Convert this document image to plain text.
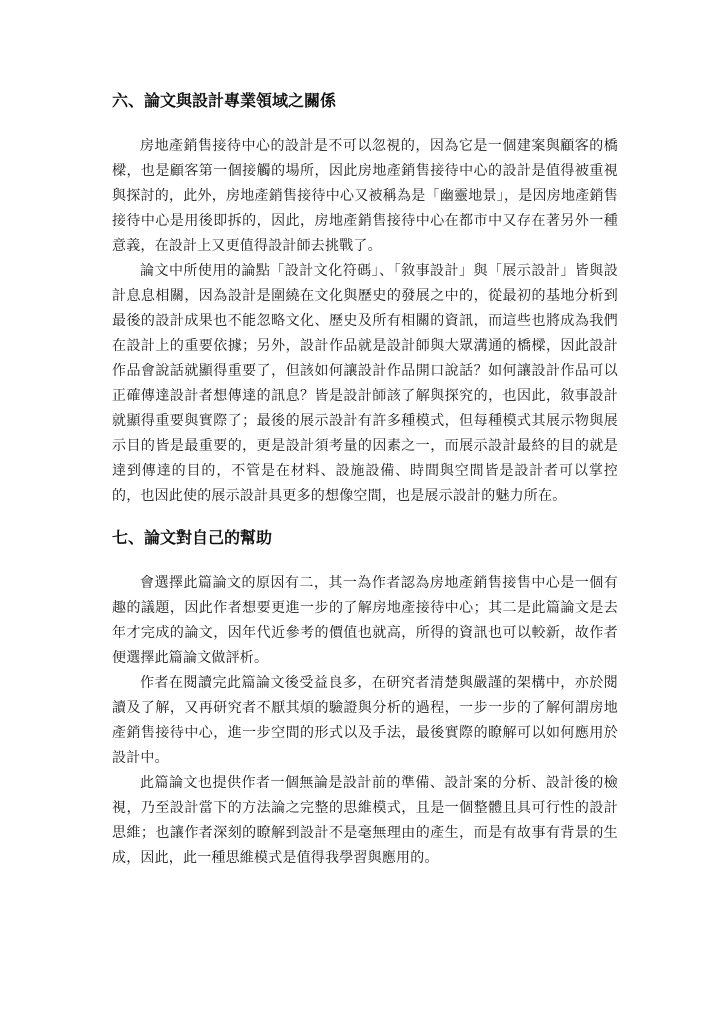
六、論文與設計專業領域之關係

房地產銷售接待中心的設計是不可以忽視的，因為它是一個建案與顧客的橋樑，也是顧客第一個接觸的場所，因此房地產銷售接待中心的設計是值得被重視與探討的，此外，房地產銷售接待中心又被稱為是「幽靈地景」，是因房地產銷售接待中心是用後即拆的，因此，房地產銷售接待中心在都市中又存在著另外一種意義，在設計上又更值得設計師去挑戰了。

論文中所使用的論點「設計文化符碼」、「敘事設計」與「展示設計」皆與設計息息相關，因為設計是圍繞在文化與歷史的發展之中的，從最初的基地分析到最後的設計成果也不能忽略文化、歷史及所有相關的資訊，而這些也將成為我們在設計上的重要依據；另外，設計作品就是設計師與大眾溝通的橋樑，因此設計作品會說話就顯得重要了，但該如何讓設計作品開口說話？如何讓設計作品可以正確傳達設計者想傳達的訊息？皆是設計師該了解與探究的，也因此，敘事設計就顯得重要與實際了；最後的展示設計有許多種模式，但每種模式其展示物與展示目的皆是最重要的，更是設計須考量的因素之一，而展示設計最終的目的就是達到傳達的目的，不管是在材料、設施設備、時間與空間皆是設計者可以掌控的，也因此使的展示設計具更多的想像空間，也是展示設計的魅力所在。

七、論文對自己的幫助

會選擇此篇論文的原因有二，其一為作者認為房地產銷售接售中心是一個有趣的議題，因此作者想要更進一步的了解房地產接待中心；其二是此篇論文是去年才完成的論文，因年代近參考的價值也就高，所得的資訊也可以較新，故作者便選擇此篇論文做評析。

作者在閱讀完此篇論文後受益良多，在研究者清楚與嚴謹的架構中，亦於閱讀及了解，又再研究者不厭其煩的驗證與分析的過程，一步一步的了解何謂房地產銷售接待中心，進一步空間的形式以及手法，最後實際的瞭解可以如何應用於設計中。

此篇論文也提供作者一個無論是設計前的準備、設計案的分析、設計後的檢視，乃至設計當下的方法論之完整的思維模式，且是一個整體且具可行性的設計思維；也讓作者深刻的瞭解到設計不是毫無理由的產生，而是有故事有背景的生成，因此，此一種思維模式是值得我學習與應用的。
